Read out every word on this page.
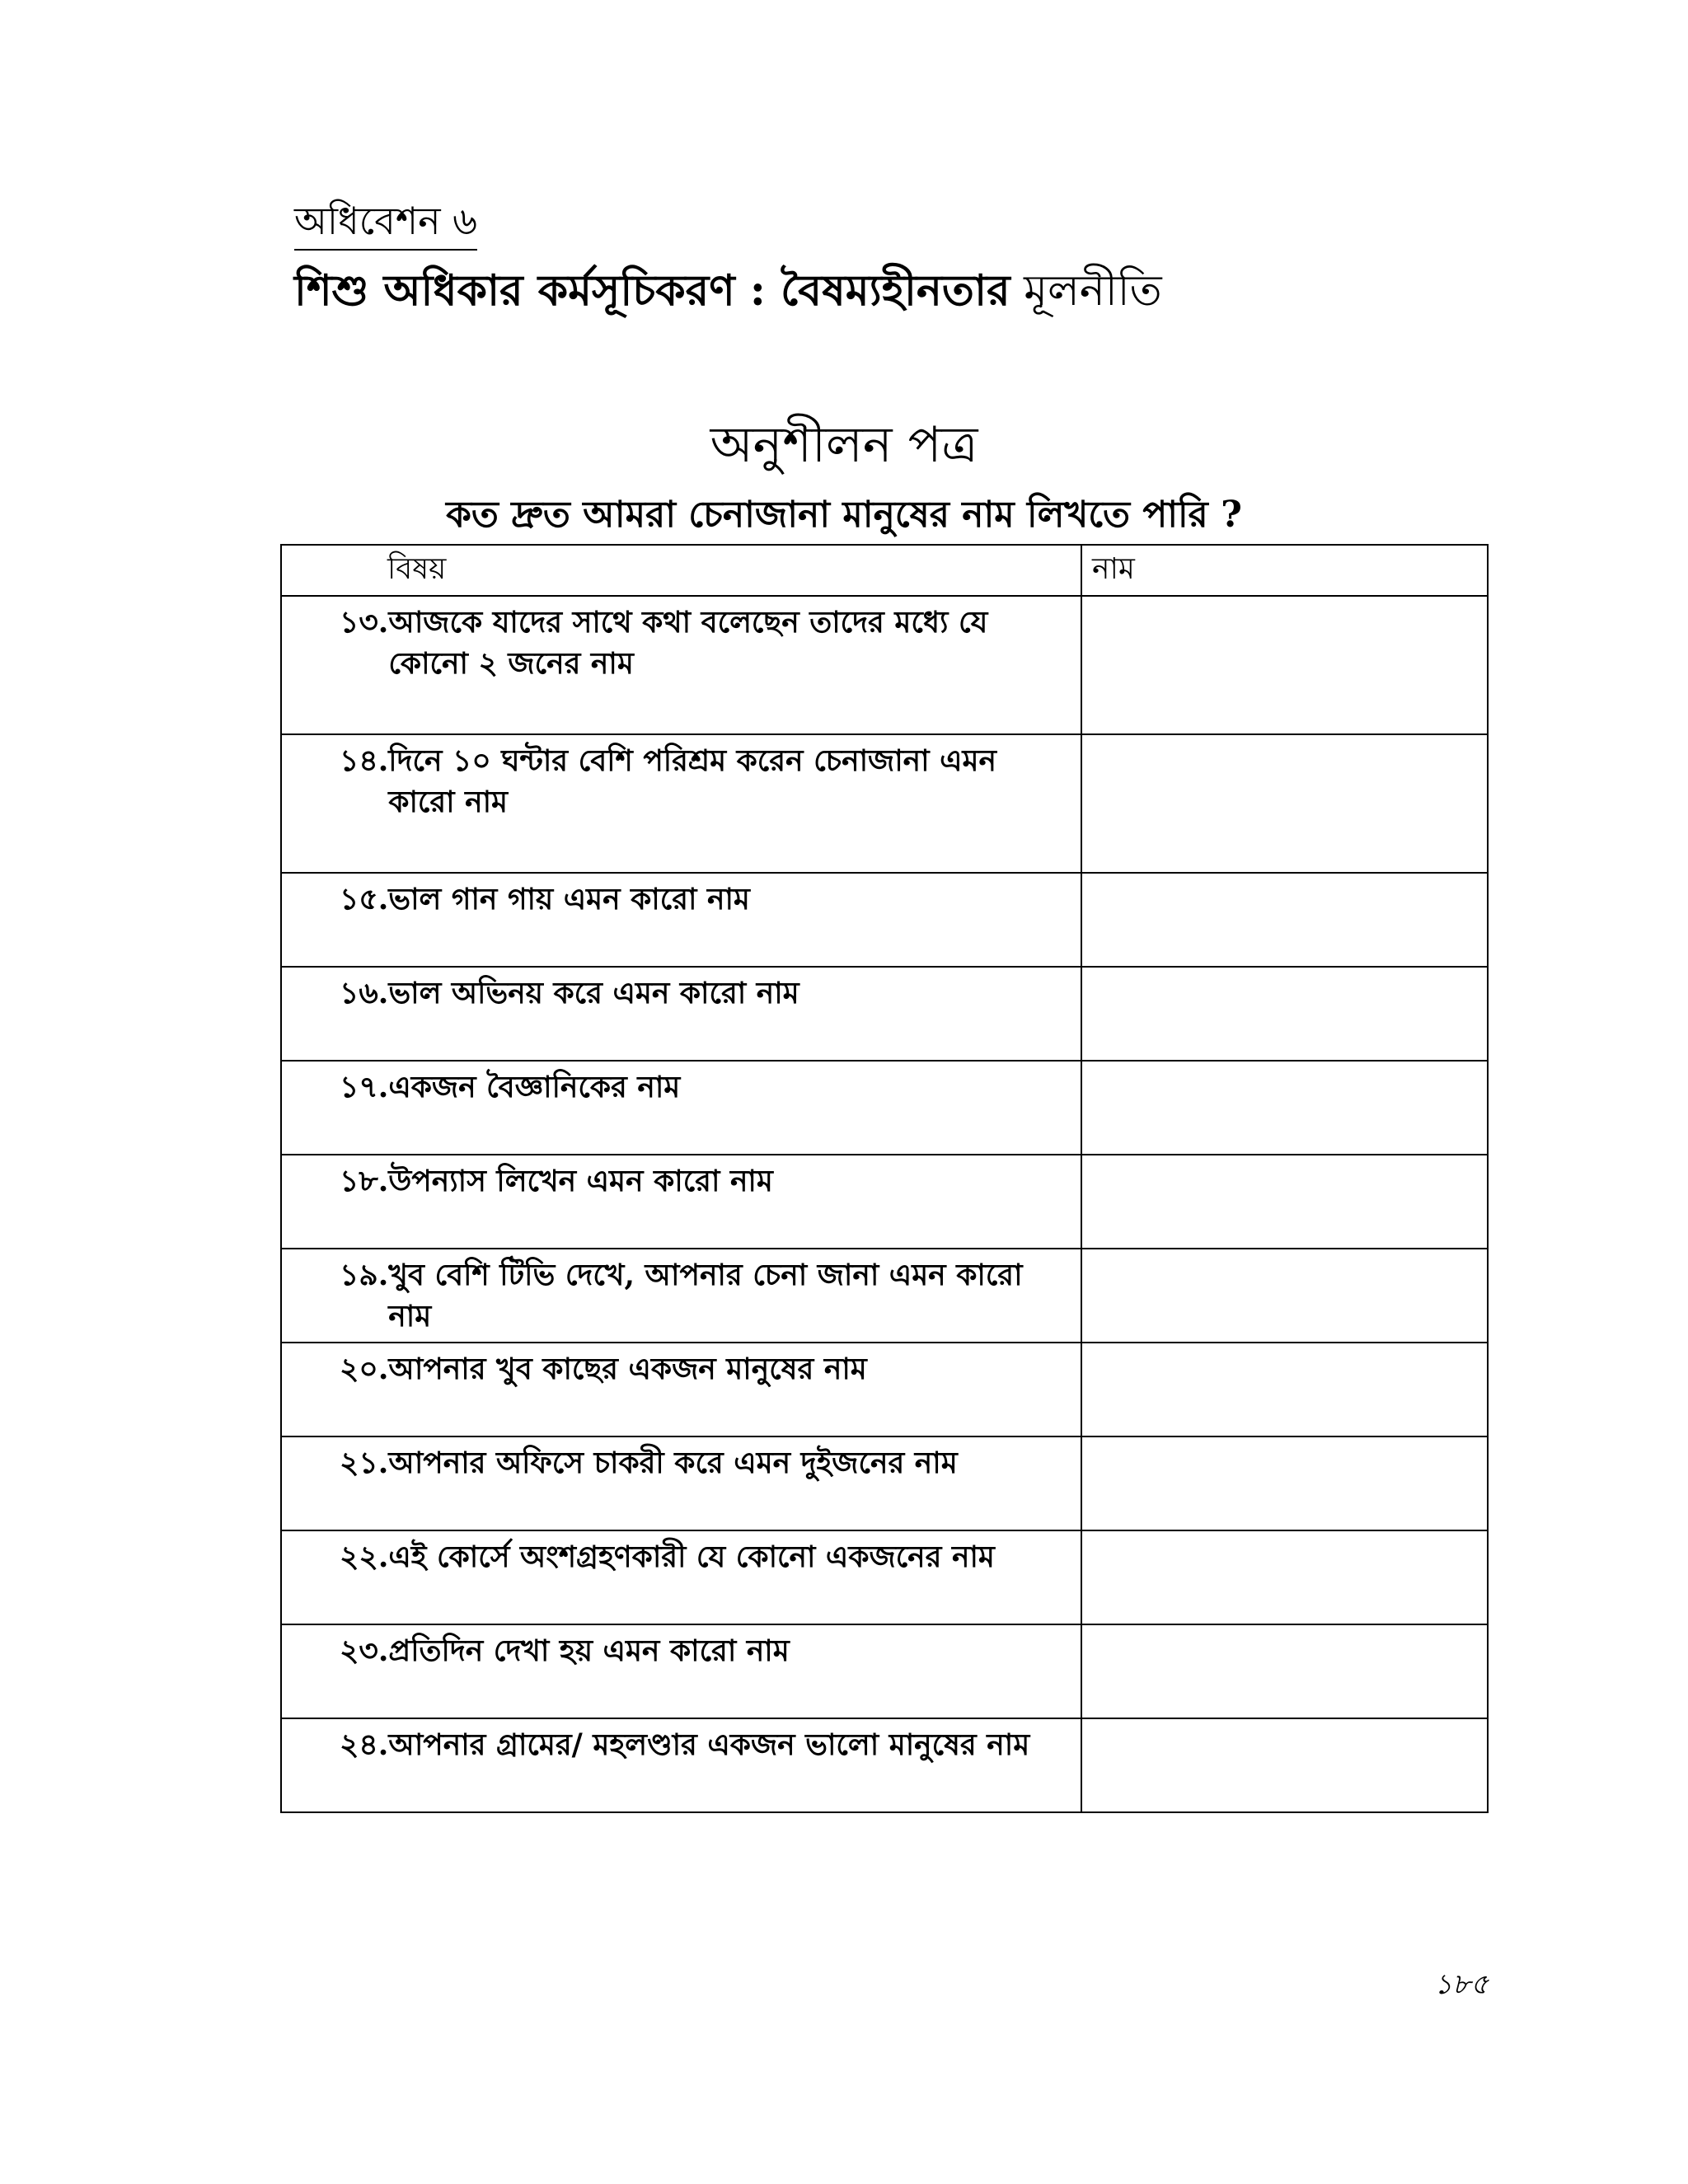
অধিবেশন ৬
শিশু অধিকার কর্মসূচিকরণ : বৈষম্যহীনতার মূলনীতি
অনুশীলন পত্র
কত দ্রুত আমরা চেনাজানা মানুষের নাম লিখতে পারি ?
বিষয়	নাম

১৩. আজকে যাদের সাথে কথা বলেছেন তাদের মধ্যে যে কোনো ২ জনের নাম	

১৪. দিনে ১০ ঘন্টার বেশি পরিশ্রম করেন চেনাজানা এমন কারো নাম	

১৫. ভাল গান গায় এমন কারো নাম	

১৬. ভাল অভিনয় করে এমন কারো নাম	

১৭. একজন বৈজ্ঞানিকের নাম	

১৮. উপন্যাস লিখেন এমন কারো নাম	

১৯. খুব বেশি টিভি দেখে, আপনার চেনা জানা এমন কারো নাম	

২০. আপনার খুব কাছের একজন মানুষের নাম	

২১. আপনার অফিসে চাকরী করে এমন দুইজনের নাম	

২২. এই কোর্সে অংশগ্রহণকারী যে কোনো একজনের নাম	

২৩. প্রতিদিন দেখা হয় এমন কারো নাম	

২৪. আপনার গ্রামের/ মহলণ্ডার একজন ভালো মানুষের নাম	

১৮৫
